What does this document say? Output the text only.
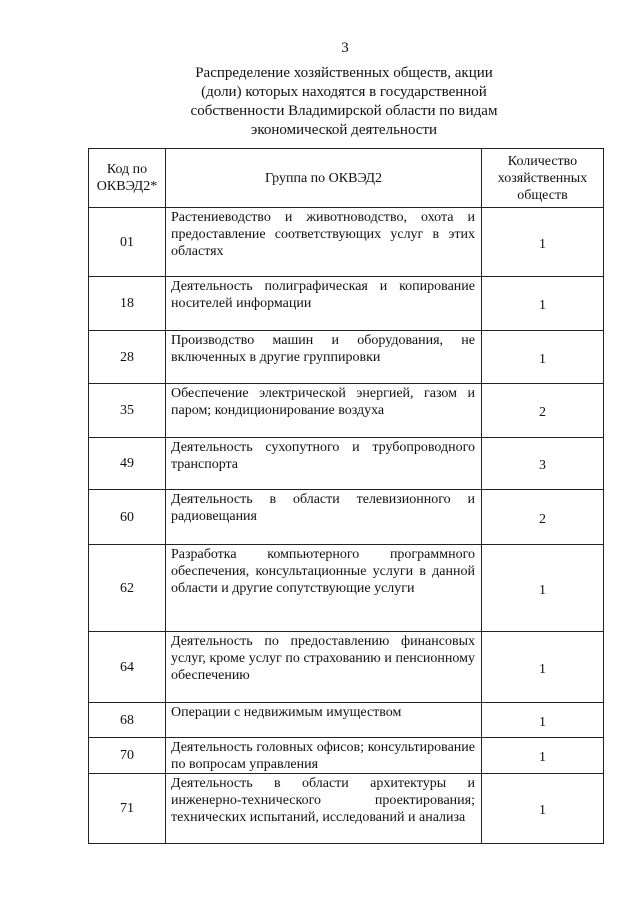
3
Распределение хозяйственных обществ, акции
(доли) которых находятся в государственной
собственности Владимирской области по видам
экономической деятельности
Код по ОКВЭД2*	Группа по ОКВЭД2	Количество хозяйственных обществ
01	Растениеводство и животноводство, охота и предоставление соответствующих услуг в этих областях	1
18	Деятельность полиграфическая и копирование носителей информации	1
28	Производство машин и оборудования, не включенных в другие группировки	1
35	Обеспечение электрической энергией, газом и паром; кондиционирование воздуха	2
49	Деятельность сухопутного и трубопроводного транспорта	3
60	Деятельность в области телевизионного и радиовещания	2
62	Разработка компьютерного программного обеспечения, консультационные услуги в данной области и другие сопутствующие услуги	1
64	Деятельность по предоставлению финансовых услуг, кроме услуг по страхованию и пенсионному обеспечению	1
68	Операции с недвижимым имуществом	1
70	Деятельность головных офисов; консультирование по вопросам управления	1
71	Деятельность в области архитектуры и инженерно-технического проектирования; технических испытаний, исследований и анализа	1
